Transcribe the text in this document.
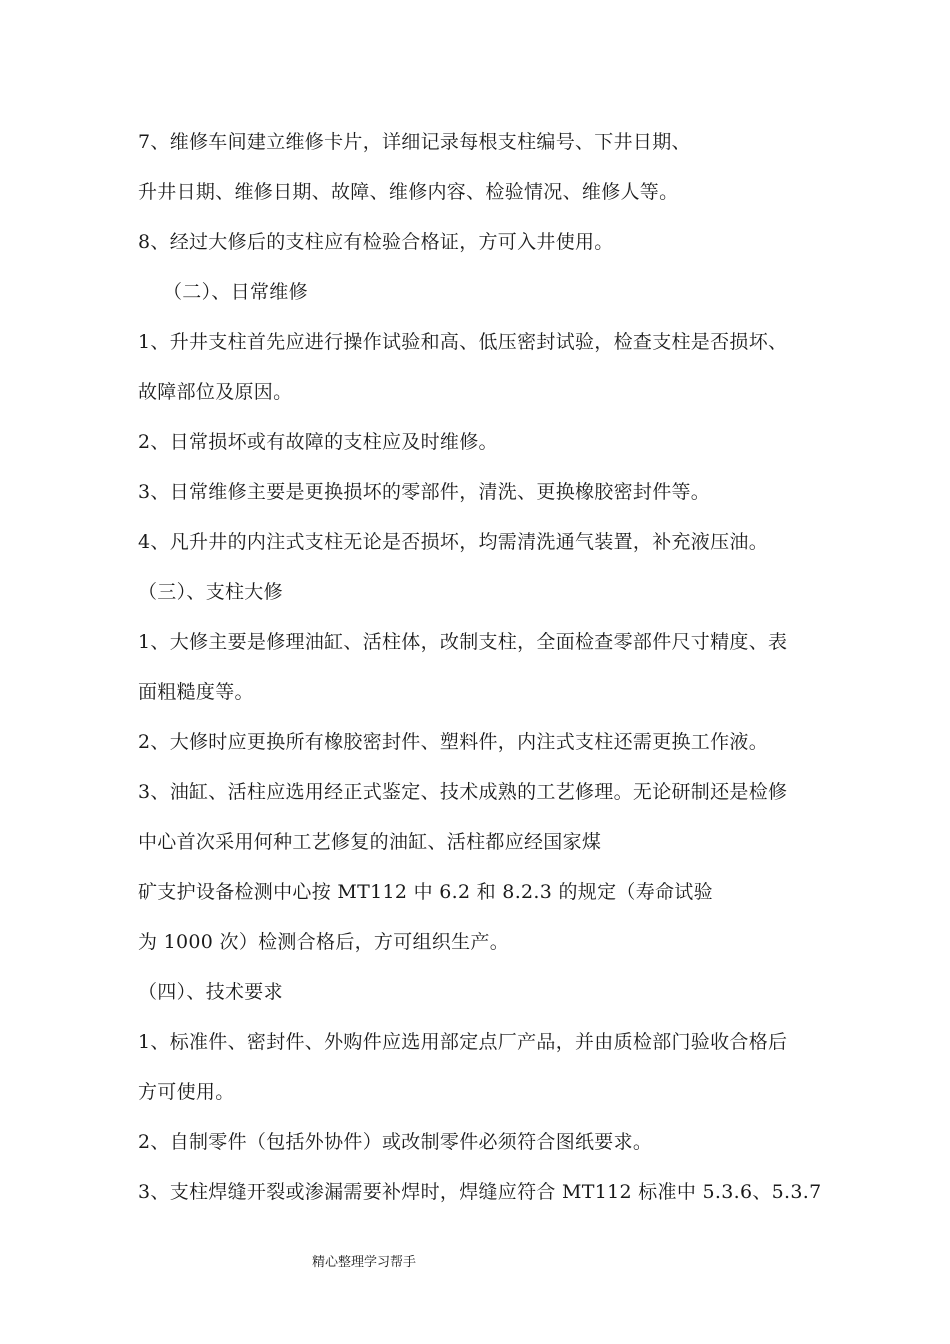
7、维修车间建立维修卡片，详细记录每根支柱编号、下井日期、
升井日期、维修日期、故障、维修内容、检验情况、维修人等。
8、经过大修后的支柱应有检验合格证，方可入井使用。
（二）、日常维修
1、升井支柱首先应进行操作试验和高、低压密封试验，检查支柱是否损坏、
故障部位及原因。
2、日常损坏或有故障的支柱应及时维修。
3、日常维修主要是更换损坏的零部件，清洗、更换橡胶密封件等。
4、凡升井的内注式支柱无论是否损坏，均需清洗通气装置，补充液压油。
（三）、支柱大修
1、大修主要是修理油缸、活柱体，改制支柱，全面检查零部件尺寸精度、表
面粗糙度等。
2、大修时应更换所有橡胶密封件、塑料件，内注式支柱还需更换工作液。
3、油缸、活柱应选用经正式鉴定、技术成熟的工艺修理。无论研制还是检修
中心首次采用何种工艺修复的油缸、活柱都应经国家煤
矿支护设备检测中心按 MT112 中 6.2 和 8.2.3 的规定（寿命试验
为 1000 次）检测合格后，方可组织生产。
（四）、技术要求
1、标准件、密封件、外购件应选用部定点厂产品，并由质检部门验收合格后
方可使用。
2、自制零件（包括外协件）或改制零件必须符合图纸要求。
3、支柱焊缝开裂或渗漏需要补焊时，焊缝应符合 MT112 标准中 5.3.6、5.3.7
精心整理学习帮手
